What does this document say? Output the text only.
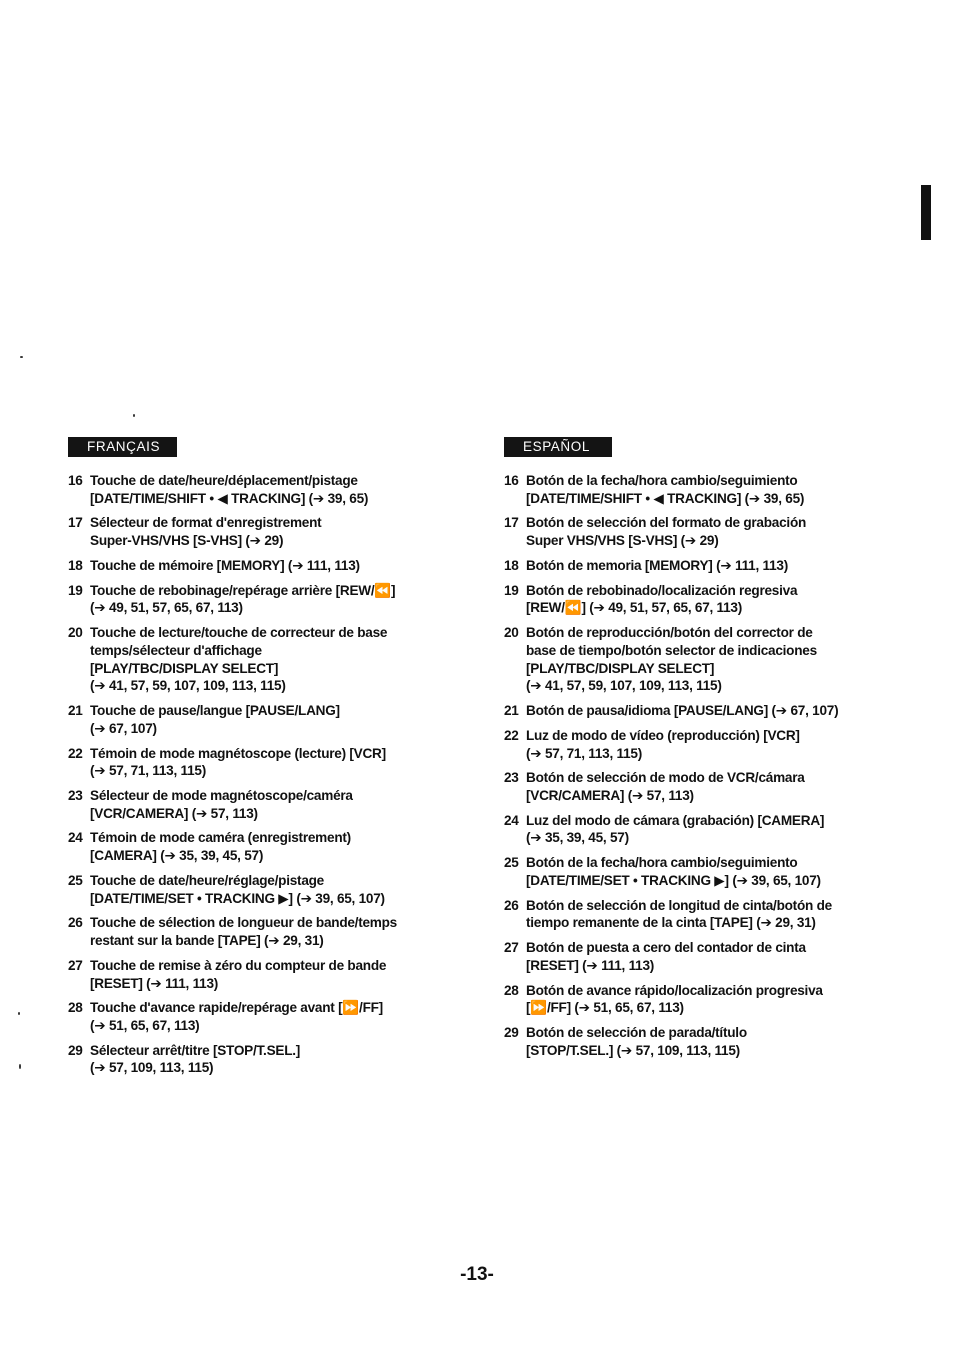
FRANÇAIS
16 Touche de date/heure/déplacement/pistage
[DATE/TIME/SHIFT • ◀ TRACKING] (➔ 39, 65)
17 Sélecteur de format d'enregistrement
Super-VHS/VHS [S-VHS] (➔ 29)
18 Touche de mémoire [MEMORY] (➔ 111, 113)
19 Touche de rebobinage/repérage arrière [REW/⏪]
(➔ 49, 51, 57, 65, 67, 113)
20 Touche de lecture/touche de correcteur de base
temps/sélecteur d'affichage
[PLAY/TBC/DISPLAY SELECT]
(➔ 41, 57, 59, 107, 109, 113, 115)
21 Touche de pause/langue [PAUSE/LANG]
(➔ 67, 107)
22 Témoin de mode magnétoscope (lecture) [VCR]
(➔ 57, 71, 113, 115)
23 Sélecteur de mode magnétoscope/caméra
[VCR/CAMERA] (➔ 57, 113)
24 Témoin de mode caméra (enregistrement)
[CAMERA] (➔ 35, 39, 45, 57)
25 Touche de date/heure/réglage/pistage
[DATE/TIME/SET • TRACKING ▶] (➔ 39, 65, 107)
26 Touche de sélection de longueur de bande/temps
restant sur la bande [TAPE] (➔ 29, 31)
27 Touche de remise à zéro du compteur de bande
[RESET] (➔ 111, 113)
28 Touche d'avance rapide/repérage avant [⏩/FF]
(➔ 51, 65, 67, 113)
29 Sélecteur arrêt/titre [STOP/T.SEL.]
(➔ 57, 109, 113, 115)
ESPAÑOL
16 Botón de la fecha/hora cambio/seguimiento
[DATE/TIME/SHIFT • ◀ TRACKING] (➔ 39, 65)
17 Botón de selección del formato de grabación
Super VHS/VHS [S-VHS] (➔ 29)
18 Botón de memoria [MEMORY] (➔ 111, 113)
19 Botón de rebobinado/localización regresiva
[REW/⏪] (➔ 49, 51, 57, 65, 67, 113)
20 Botón de reproducción/botón del corrector de
base de tiempo/botón selector de indicaciones
[PLAY/TBC/DISPLAY SELECT]
(➔ 41, 57, 59, 107, 109, 113, 115)
21 Botón de pausa/idioma [PAUSE/LANG] (➔ 67, 107)
22 Luz de modo de vídeo (reproducción) [VCR]
(➔ 57, 71, 113, 115)
23 Botón de selección de modo de VCR/cámara
[VCR/CAMERA] (➔ 57, 113)
24 Luz del modo de cámara (grabación) [CAMERA]
(➔ 35, 39, 45, 57)
25 Botón de la fecha/hora cambio/seguimiento
[DATE/TIME/SET • TRACKING ▶] (➔ 39, 65, 107)
26 Botón de selección de longitud de cinta/botón de
tiempo remanente de la cinta [TAPE] (➔ 29, 31)
27 Botón de puesta a cero del contador de cinta
[RESET] (➔ 111, 113)
28 Botón de avance rápido/localización progresiva
[⏩/FF] (➔ 51, 65, 67, 113)
29 Botón de selección de parada/título
[STOP/T.SEL.] (➔ 57, 109, 113, 115)
-13-
